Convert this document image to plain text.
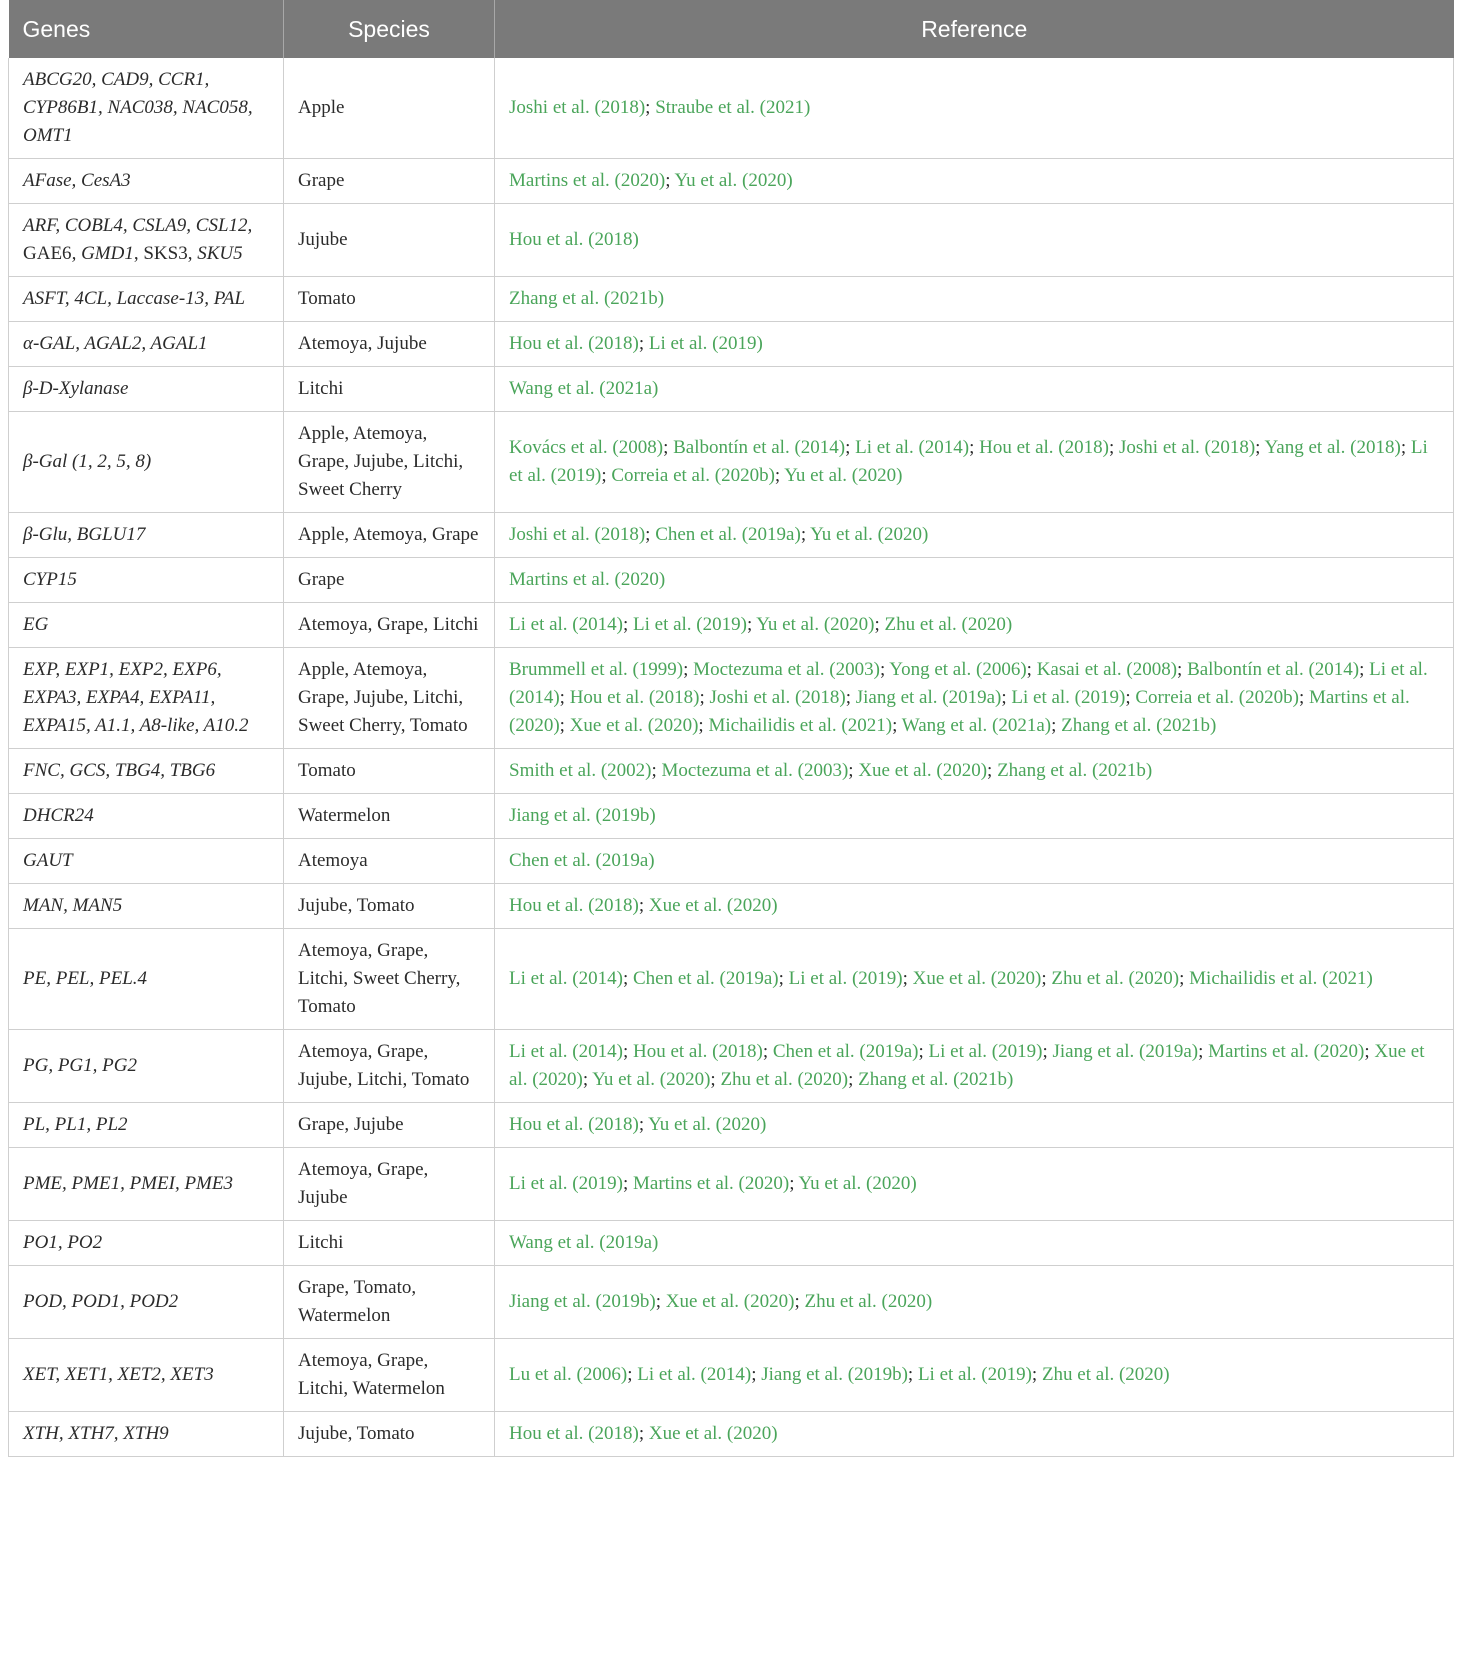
Genes	Species	Reference
ABCG20, CAD9, CCR1, CYP86B1, NAC038, NAC058, OMT1	Apple	Joshi et al. (2018); Straube et al. (2021)
AFase, CesA3	Grape	Martins et al. (2020); Yu et al. (2020)
ARF, COBL4, CSLA9, CSL12, GAE6, GMD1, SKS3, SKU5	Jujube	Hou et al. (2018)
ASFT, 4CL, Laccase-13, PAL	Tomato	Zhang et al. (2021b)
α-GAL, AGAL2, AGAL1	Atemoya, Jujube	Hou et al. (2018); Li et al. (2019)
β-D-Xylanase	Litchi	Wang et al. (2021a)
β-Gal (1, 2, 5, 8)	Apple, Atemoya, Grape, Jujube, Litchi, Sweet Cherry	Kovács et al. (2008); Balbontín et al. (2014); Li et al. (2014); Hou et al. (2018); Joshi et al. (2018); Yang et al. (2018); Li et al. (2019); Correia et al. (2020b); Yu et al. (2020)
β-Glu, BGLU17	Apple, Atemoya, Grape	Joshi et al. (2018); Chen et al. (2019a); Yu et al. (2020)
CYP15	Grape	Martins et al. (2020)
EG	Atemoya, Grape, Litchi	Li et al. (2014); Li et al. (2019); Yu et al. (2020); Zhu et al. (2020)
EXP, EXP1, EXP2, EXP6, EXPA3, EXPA4, EXPA11, EXPA15, A1.1, A8-like, A10.2	Apple, Atemoya, Grape, Jujube, Litchi, Sweet Cherry, Tomato	Brummell et al. (1999); Moctezuma et al. (2003); Yong et al. (2006); Kasai et al. (2008); Balbontín et al. (2014); Li et al. (2014); Hou et al. (2018); Joshi et al. (2018); Jiang et al. (2019a); Li et al. (2019); Correia et al. (2020b); Martins et al. (2020); Xue et al. (2020); Michailidis et al. (2021); Wang et al. (2021a); Zhang et al. (2021b)
FNC, GCS, TBG4, TBG6	Tomato	Smith et al. (2002); Moctezuma et al. (2003); Xue et al. (2020); Zhang et al. (2021b)
DHCR24	Watermelon	Jiang et al. (2019b)
GAUT	Atemoya	Chen et al. (2019a)
MAN, MAN5	Jujube, Tomato	Hou et al. (2018); Xue et al. (2020)
PE, PEL, PEL.4	Atemoya, Grape, Litchi, Sweet Cherry, Tomato	Li et al. (2014); Chen et al. (2019a); Li et al. (2019); Xue et al. (2020); Zhu et al. (2020); Michailidis et al. (2021)
PG, PG1, PG2	Atemoya, Grape, Jujube, Litchi, Tomato	Li et al. (2014); Hou et al. (2018); Chen et al. (2019a); Li et al. (2019); Jiang et al. (2019a); Martins et al. (2020); Xue et al. (2020); Yu et al. (2020); Zhu et al. (2020); Zhang et al. (2021b)
PL, PL1, PL2	Grape, Jujube	Hou et al. (2018); Yu et al. (2020)
PME, PME1, PMEI, PME3	Atemoya, Grape, Jujube	Li et al. (2019); Martins et al. (2020); Yu et al. (2020)
PO1, PO2	Litchi	Wang et al. (2019a)
POD, POD1, POD2	Grape, Tomato, Watermelon	Jiang et al. (2019b); Xue et al. (2020); Zhu et al. (2020)
XET, XET1, XET2, XET3	Atemoya, Grape, Litchi, Watermelon	Lu et al. (2006); Li et al. (2014); Jiang et al. (2019b); Li et al. (2019); Zhu et al. (2020)
XTH, XTH7, XTH9	Jujube, Tomato	Hou et al. (2018); Xue et al. (2020)
